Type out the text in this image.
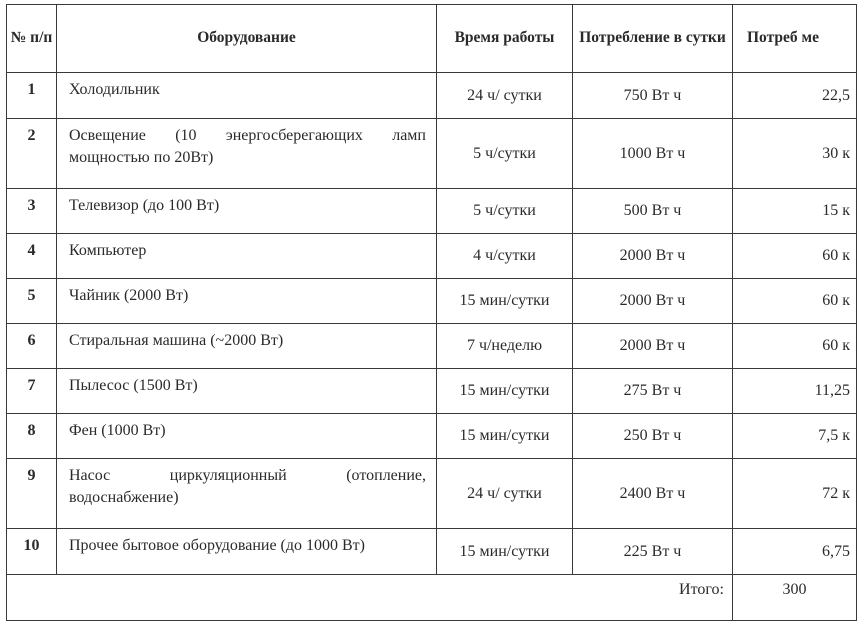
№ п/п	Оборудование	Время работы	Потребление в сутки	Потреб ме
1	Холодильник	24 ч/ сутки	750 Вт ч	22,5
2	Освещение (10 энергосберегающих ламп мощностью по 20Вт)	5 ч/сутки	1000 Вт ч	30 к
3	Телевизор (до 100 Вт)	5 ч/сутки	500 Вт ч	15 к
4	Компьютер	4 ч/сутки	2000 Вт ч	60 к
5	Чайник (2000 Вт)	15 мин/сутки	2000 Вт ч	60 к
6	Стиральная машина (~2000 Вт)	7 ч/неделю	2000 Вт ч	60 к
7	Пылесос (1500 Вт)	15 мин/сутки	275 Вт ч	11,25
8	Фен (1000 Вт)	15 мин/сутки	250 Вт ч	7,5 к
9	Насос циркуляционный (отопление, водоснабжение)	24 ч/ сутки	2400 Вт ч	72 к
10	Прочее бытовое оборудование (до 1000 Вт)	15 мин/сутки	225 Вт ч	6,75
Итого:				300
